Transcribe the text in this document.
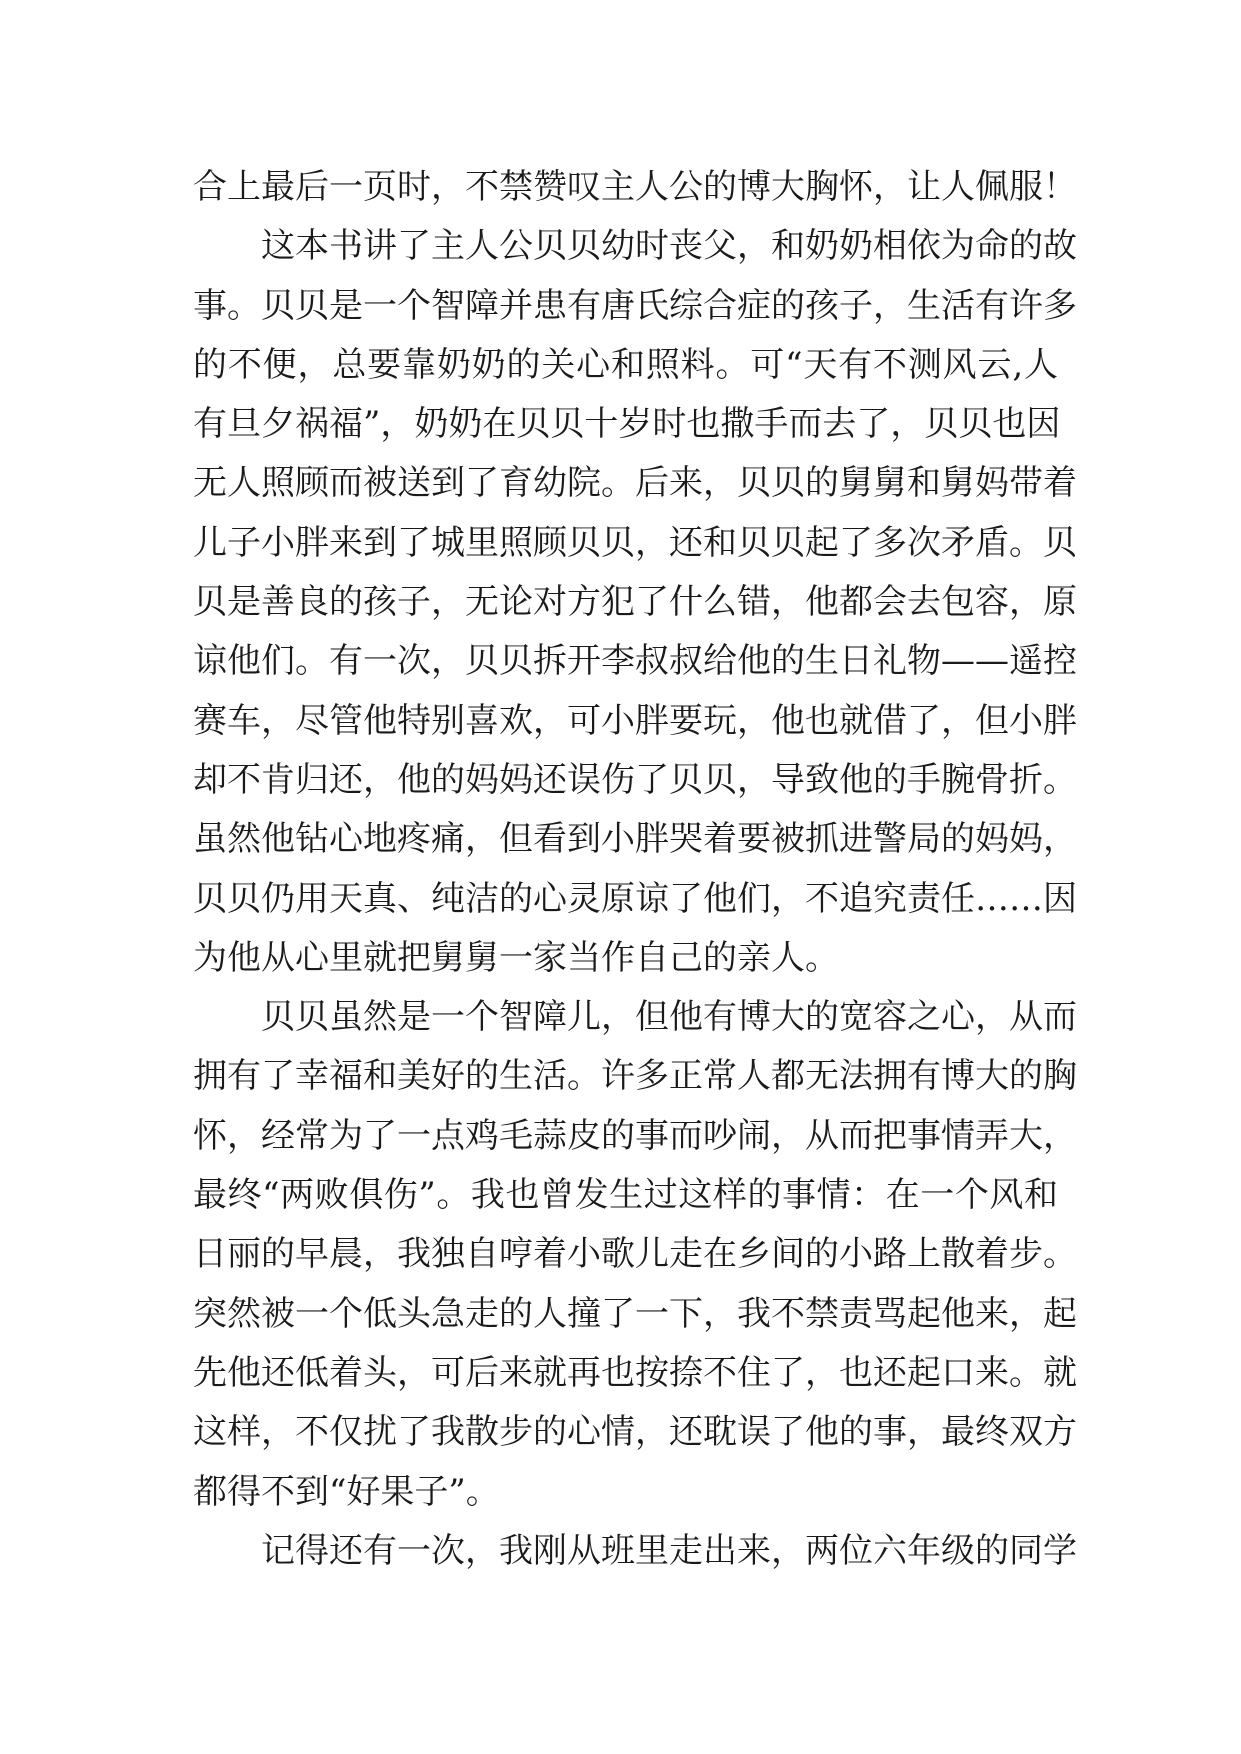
合上最后一页时，不禁赞叹主人公的博大胸怀，让人佩服！
这本书讲了主人公贝贝幼时丧父，和奶奶相依为命的故
事。贝贝是一个智障并患有唐氏综合症的孩子，生活有许多
的不便，总要靠奶奶的关心和照料。可“天有不测风云,人
有旦夕祸福”，奶奶在贝贝十岁时也撒手而去了，贝贝也因
无人照顾而被送到了育幼院。后来，贝贝的舅舅和舅妈带着
儿子小胖来到了城里照顾贝贝，还和贝贝起了多次矛盾。贝
贝是善良的孩子，无论对方犯了什么错，他都会去包容，原
谅他们。有一次，贝贝拆开李叔叔给他的生日礼物——遥控
赛车，尽管他特别喜欢，可小胖要玩，他也就借了，但小胖
却不肯归还，他的妈妈还误伤了贝贝，导致他的手腕骨折。
虽然他钻心地疼痛，但看到小胖哭着要被抓进警局的妈妈，
贝贝仍用天真、纯洁的心灵原谅了他们，不追究责任……因
为他从心里就把舅舅一家当作自己的亲人。
贝贝虽然是一个智障儿，但他有博大的宽容之心，从而
拥有了幸福和美好的生活。许多正常人都无法拥有博大的胸
怀，经常为了一点鸡毛蒜皮的事而吵闹，从而把事情弄大，
最终“两败俱伤”。我也曾发生过这样的事情：在一个风和
日丽的早晨，我独自哼着小歌儿走在乡间的小路上散着步。
突然被一个低头急走的人撞了一下，我不禁责骂起他来，起
先他还低着头，可后来就再也按捺不住了，也还起口来。就
这样，不仅扰了我散步的心情，还耽误了他的事，最终双方
都得不到“好果子”。
记得还有一次，我刚从班里走出来，两位六年级的同学
